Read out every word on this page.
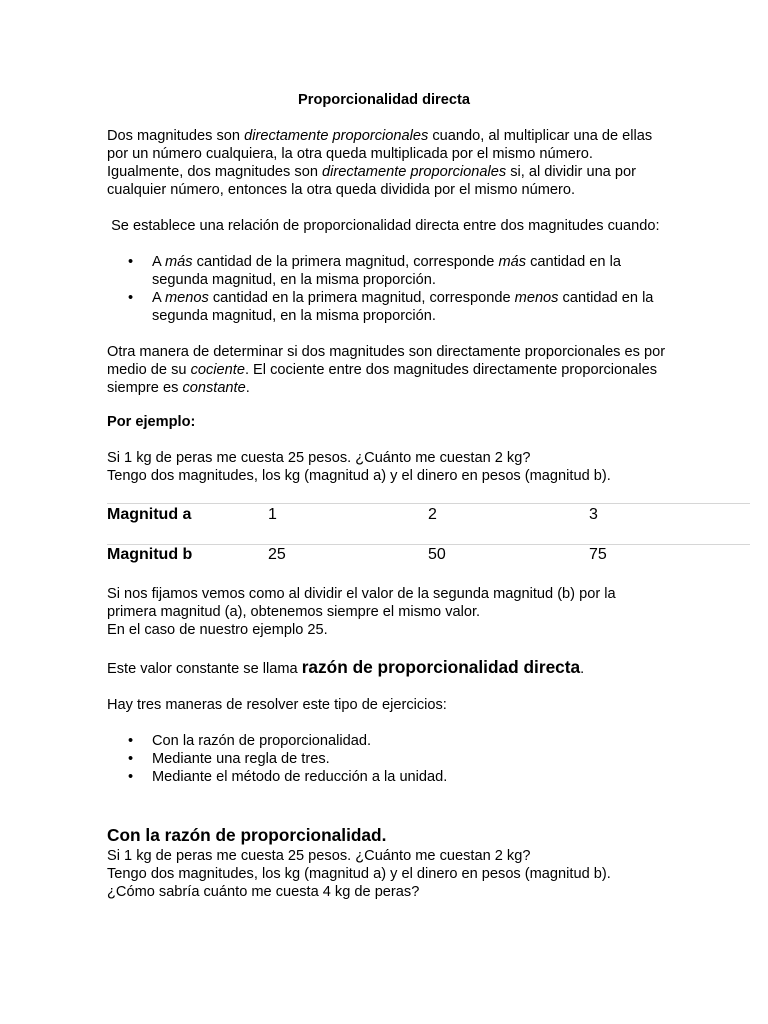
Proporcionalidad directa

Dos magnitudes son directamente proporcionales cuando, al multiplicar una de ellas por un número cualquiera, la otra queda multiplicada por el mismo número. Igualmente, dos magnitudes son directamente proporcionales si, al dividir una por cualquier número, entonces la otra queda dividida por el mismo número.

Se establece una relación de proporcionalidad directa entre dos magnitudes cuando:

• A más cantidad de la primera magnitud, corresponde más cantidad en la segunda magnitud, en la misma proporción.
• A menos cantidad en la primera magnitud, corresponde menos cantidad en la segunda magnitud, en la misma proporción.

Otra manera de determinar si dos magnitudes son directamente proporcionales es por medio de su cociente. El cociente entre dos magnitudes directamente proporcionales siempre es constante.

Por ejemplo:
Si 1 kg de peras me cuesta 25 pesos. ¿Cuánto me cuestan 2 kg?
Tengo dos magnitudes, los kg (magnitud a) y el dinero en pesos (magnitud b).
Magnitud a	1	2	3
Magnitud b	25	50	75
Si nos fijamos vemos como al dividir el valor de la segunda magnitud (b) por la
primera magnitud (a), obtenemos siempre el mismo valor.
En el caso de nuestro ejemplo 25.
Este valor constante se llama razón de proporcionalidad directa.
Hay tres maneras de resolver este tipo de ejercicios:
• Con la razón de proporcionalidad.
• Mediante una regla de tres.
• Mediante el método de reducción a la unidad.
Con la razón de proporcionalidad.
Si 1 kg de peras me cuesta 25 pesos. ¿Cuánto me cuestan 2 kg?
Tengo dos magnitudes, los kg (magnitud a) y el dinero en pesos (magnitud b).
¿Cómo sabría cuánto me cuesta 4 kg de peras?
